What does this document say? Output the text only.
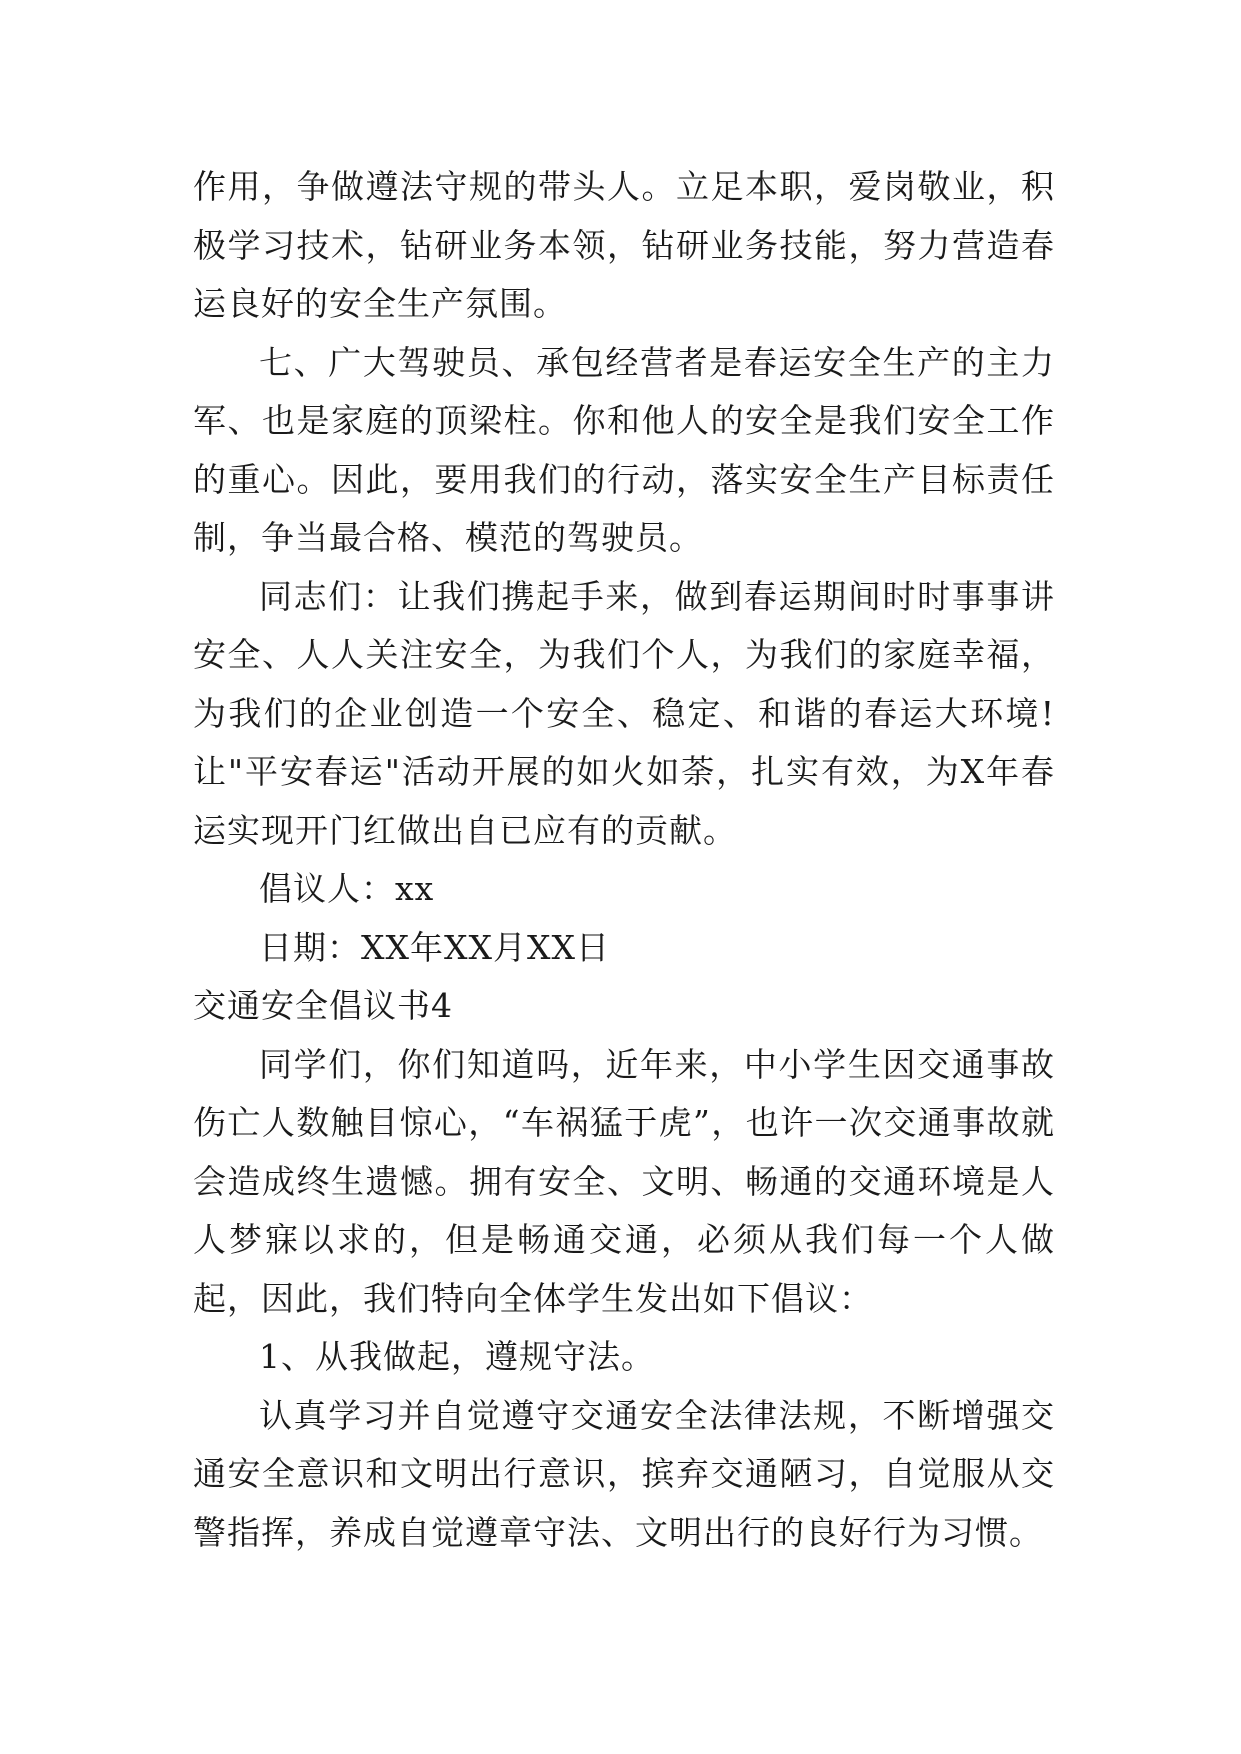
作用，争做遵法守规的带头人。立足本职，爱岗敬业，积极学习技术，钻研业务本领，钻研业务技能，努力营造春运良好的安全生产氛围。

七、广大驾驶员、承包经营者是春运安全生产的主力军、也是家庭的顶梁柱。你和他人的安全是我们安全工作的重心。因此，要用我们的行动，落实安全生产目标责任制，争当最合格、模范的驾驶员。

同志们：让我们携起手来，做到春运期间时时事事讲安全、人人关注安全，为我们个人，为我们的家庭幸福，为我们的企业创造一个安全、稳定、和谐的春运大环境!让"平安春运"活动开展的如火如荼，扎实有效，为X年春运实现开门红做出自已应有的贡献。

倡议人：xx

日期：XX年XX月XX日

交通安全倡议书4

同学们，你们知道吗，近年来，中小学生因交通事故伤亡人数触目惊心，“车祸猛于虎”，也许一次交通事故就会造成终生遗憾。拥有安全、文明、畅通的交通环境是人人梦寐以求的，但是畅通交通，必须从我们每一个人做起，因此，我们特向全体学生发出如下倡议：

1、从我做起，遵规守法。

认真学习并自觉遵守交通安全法律法规，不断增强交通安全意识和文明出行意识，摈弃交通陋习，自觉服从交警指挥，养成自觉遵章守法、文明出行的良好行为习惯。
